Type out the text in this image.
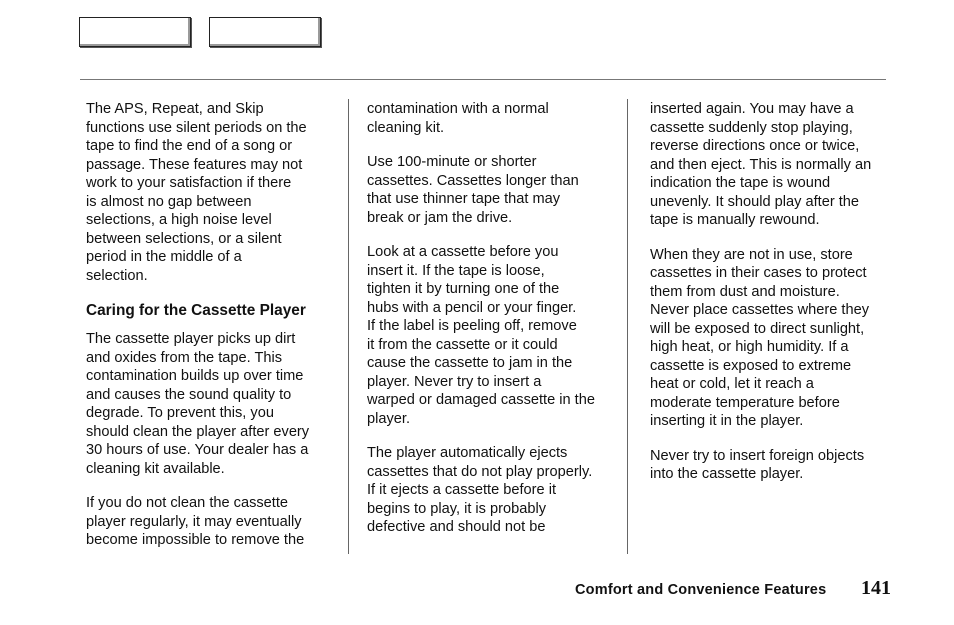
The APS, Repeat, and Skip
functions use silent periods on the
tape to find the end of a song or
passage. These features may not
work to your satisfaction if there
is almost no gap between
selections, a high noise level
between selections, or a silent
period in the middle of a
selection.

Caring for the Cassette Player

The cassette player picks up dirt
and oxides from the tape. This
contamination builds up over time
and causes the sound quality to
degrade. To prevent this, you
should clean the player after every
30 hours of use. Your dealer has a
cleaning kit available.

If you do not clean the cassette
player regularly, it may eventually
become impossible to remove the

contamination with a normal
cleaning kit.

Use 100-minute or shorter
cassettes. Cassettes longer than
that use thinner tape that may
break or jam the drive.

Look at a cassette before you
insert it. If the tape is loose,
tighten it by turning one of the
hubs with a pencil or your finger.
If the label is peeling off, remove
it from the cassette or it could
cause the cassette to jam in the
player. Never try to insert a
warped or damaged cassette in the
player.

The player automatically ejects
cassettes that do not play properly.
If it ejects a cassette before it
begins to play, it is probably
defective and should not be

inserted again. You may have a
cassette suddenly stop playing,
reverse directions once or twice,
and then eject. This is normally an
indication the tape is wound
unevenly. It should play after the
tape is manually rewound.

When they are not in use, store
cassettes in their cases to protect
them from dust and moisture.
Never place cassettes where they
will be exposed to direct sunlight,
high heat, or high humidity. If a
cassette is exposed to extreme
heat or cold, let it reach a
moderate temperature before
inserting it in the player.

Never try to insert foreign objects
into the cassette player.

Comfort and Convenience Features 141
